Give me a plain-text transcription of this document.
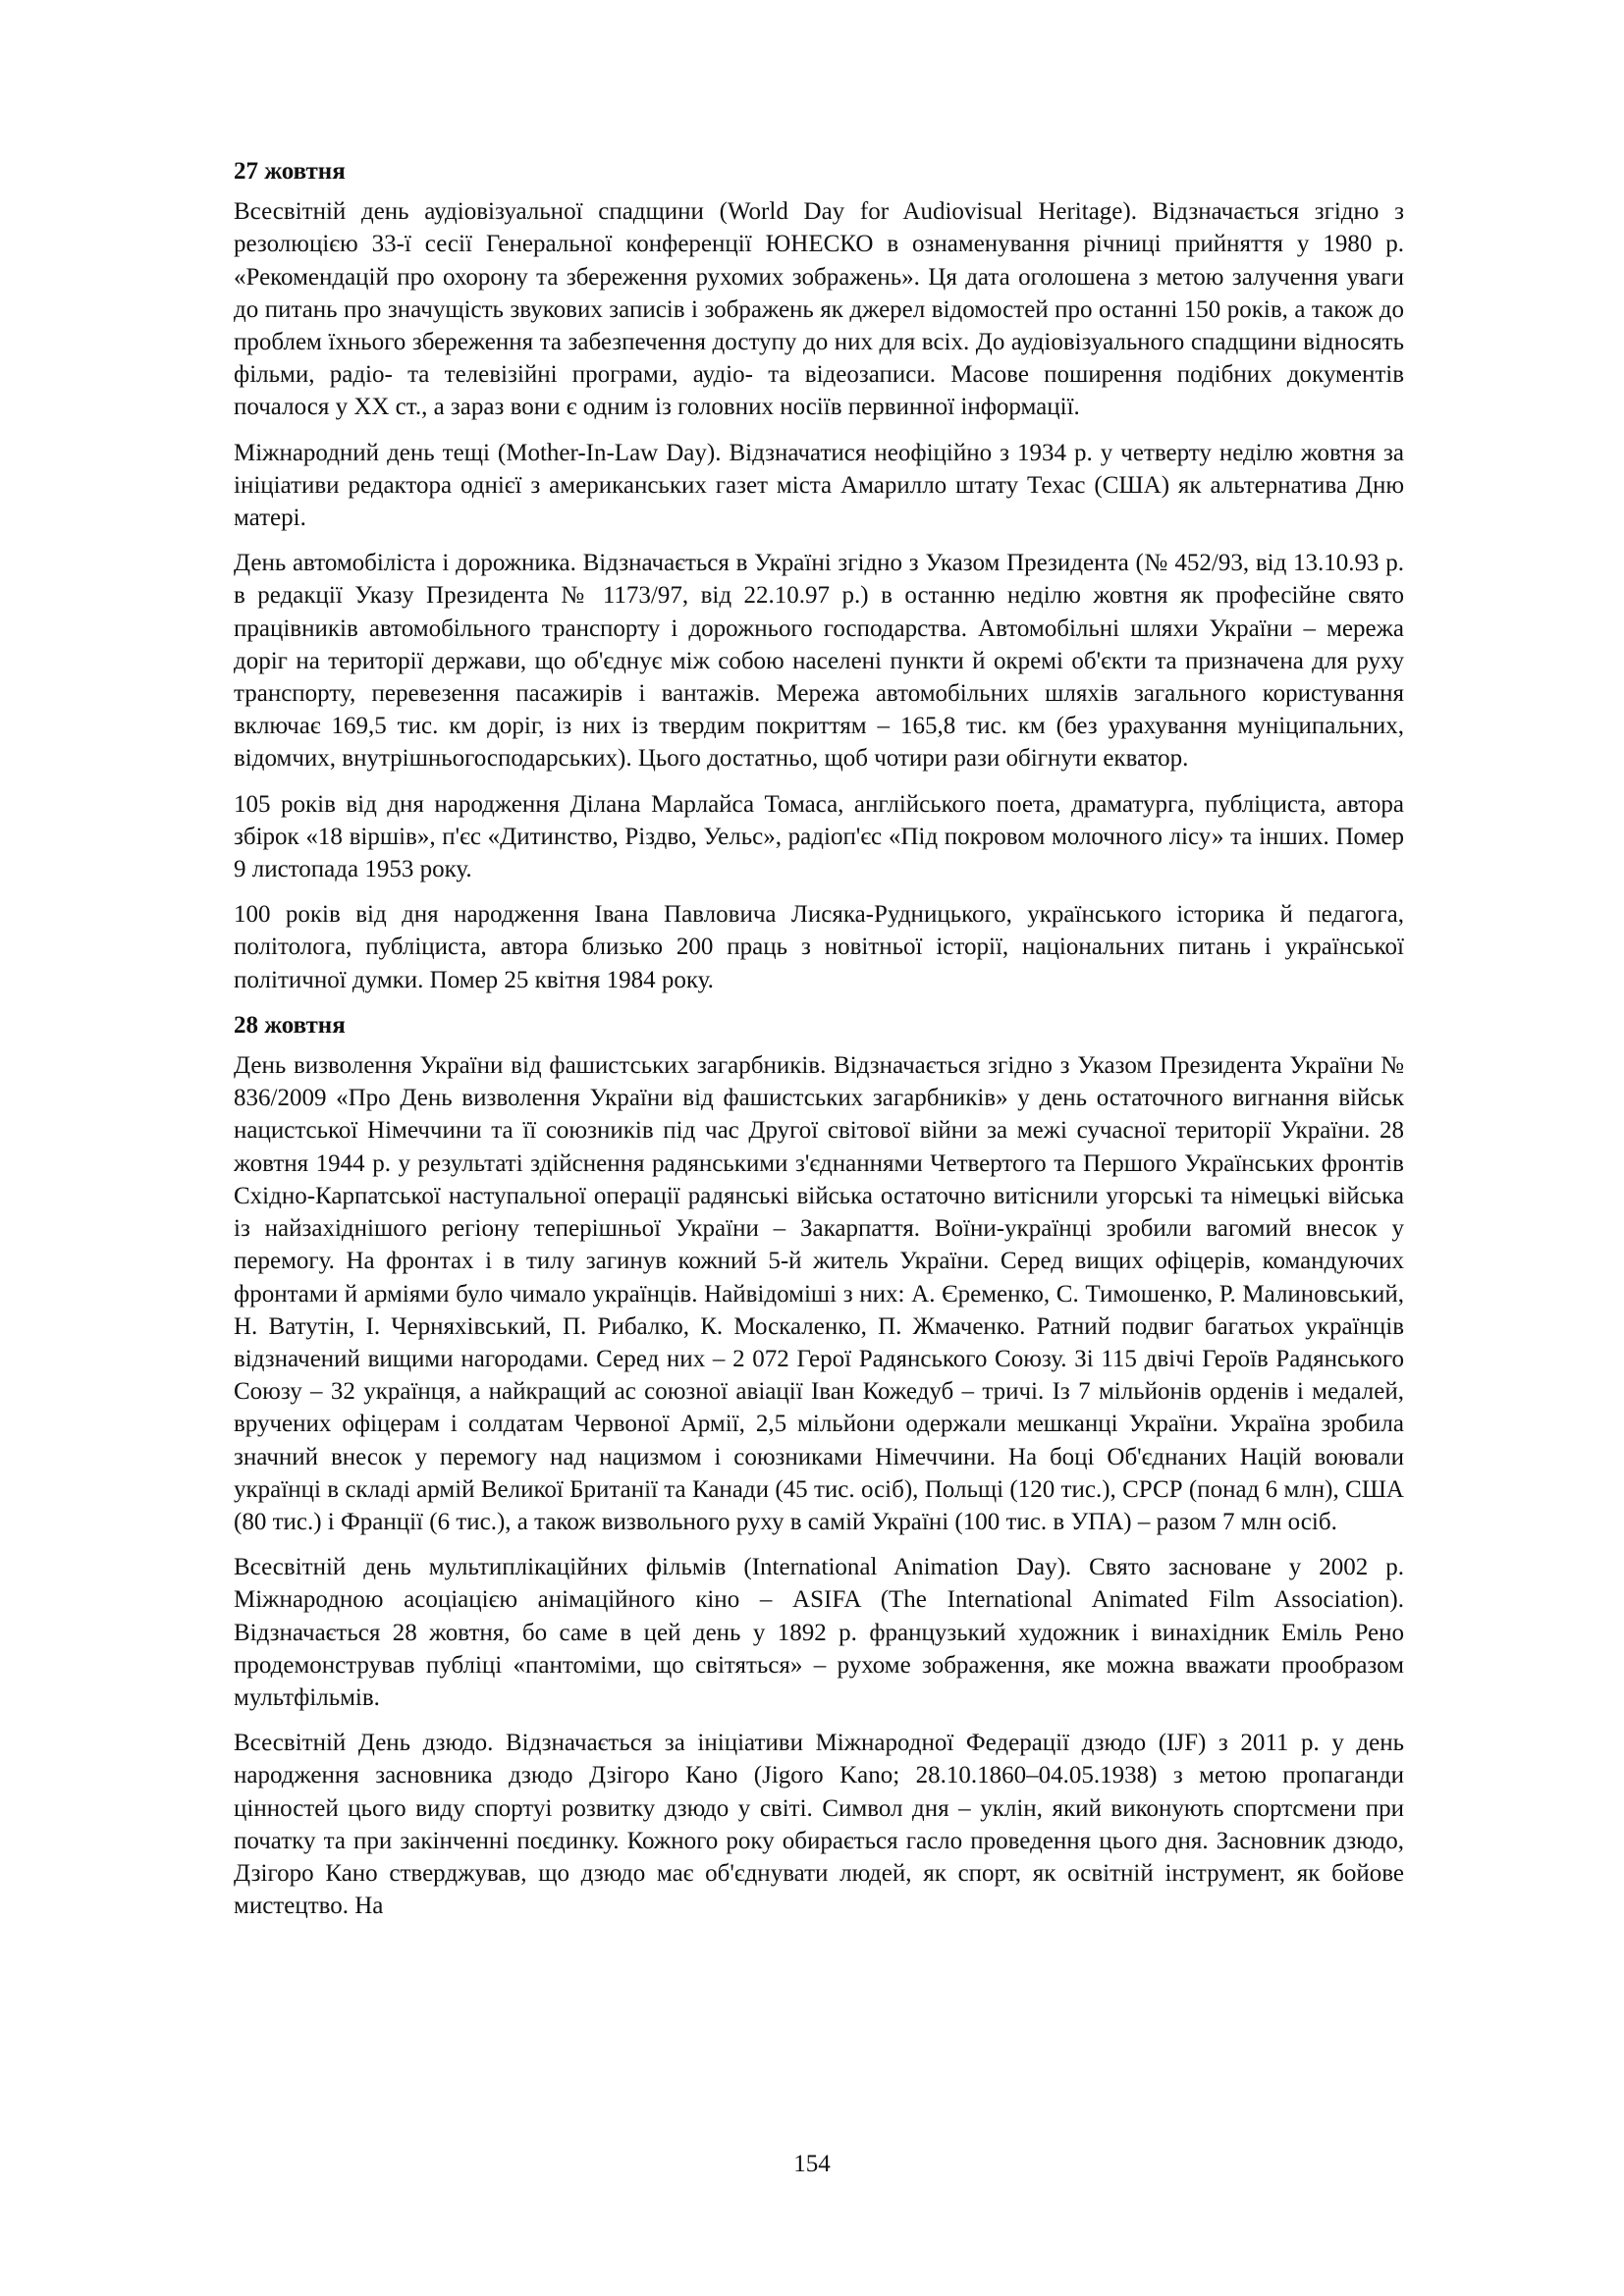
27 жовтня

Всесвітній день аудіовізуальної спадщини (World Day for Audiovisual Heritage). Відзначається згідно з резолюцією 33-ї сесії Генеральної конференції ЮНЕСКО в ознаменування річниці прийняття у 1980 р. «Рекомендацій про охорону та збереження рухомих зображень». Ця дата оголошена з метою залучення уваги до питань про значущість звукових записів і зображень як джерел відомостей про останні 150 років, а також до проблем їхнього збереження та забезпечення доступу до них для всіх. До аудіовізуального спадщини відносять фільми, радіо- та телевізійні програми, аудіо- та відеозаписи. Масове поширення подібних документів почалося у ХХ ст., а зараз вони є одним із головних носіїв первинної інформації.

Міжнародний день тещі (Mother-In-Law Day). Відзначатися неофіційно з 1934 р. у четверту неділю жовтня за ініціативи редактора однієї з американських газет міста Амарилло штату Техас (США) як альтернатива Дню матері.

День автомобіліста і дорожника. Відзначається в Україні згідно з Указом Президента (№ 452/93, від 13.10.93 р. в редакції Указу Президента № 1173/97, від 22.10.97 р.) в останню неділю жовтня як професійне свято працівників автомобільного транспорту і дорожнього господарства. Автомобільні шляхи України – мережа доріг на території держави, що об'єднує між собою населені пункти й окремі об'єкти та призначена для руху транспорту, перевезення пасажирів і вантажів. Мережа автомобільних шляхів загального користування включає 169,5 тис. км доріг, із них із твердим покриттям – 165,8 тис. км (без урахування муніципальних, відомчих, внутрішньогосподарських). Цього достатньо, щоб чотири рази обігнути екватор.

105 років від дня народження Ділана Марлайса Томаса, англійського поета, драматурга, публіциста, автора збірок «18 віршів», п'єс «Дитинство, Різдво, Уельс», радіоп'єс «Під покровом молочного лісу» та інших. Помер 9 листопада 1953 року.

100 років від дня народження Івана Павловича Лисяка-Рудницького, українського історика й педагога, політолога, публіциста, автора близько 200 праць з новітньої історії, національних питань і української політичної думки. Помер 25 квітня 1984 року.

28 жовтня

День визволення України від фашистських загарбників. Відзначається згідно з Указом Президента України № 836/2009 «Про День визволення України від фашистських загарбників» у день остаточного вигнання військ нацистської Німеччини та її союзників під час Другої світової війни за межі сучасної території України. 28 жовтня 1944 р. у результаті здійснення радянськими з'єднаннями Четвертого та Першого Українських фронтів Східно-Карпатської наступальної операції радянські війська остаточно витіснили угорські та німецькі війська із найзахіднішого регіону теперішньої України – Закарпаття. Воїни-українці зробили вагомий внесок у перемогу. На фронтах і в тилу загинув кожний 5-й житель України. Серед вищих офіцерів, командуючих фронтами й арміями було чимало українців. Найвідоміші з них: А. Єременко, С. Тимошенко, Р. Малиновський, Н. Ватутін, І. Черняхівський, П. Рибалко, К. Москаленко, П. Жмаченко. Ратний подвиг багатьох українців відзначений вищими нагородами. Серед них – 2 072 Герої Радянського Союзу. Зі 115 двічі Героїв Радянського Союзу – 32 українця, а найкращий ас союзної авіації Іван Кожедуб – тричі. Із 7 мільйонів орденів і медалей, вручених офіцерам і солдатам Червоної Армії, 2,5 мільйони одержали мешканці України. Україна зробила значний внесок у перемогу над нацизмом і союзниками Німеччини. На боці Об'єднаних Націй воювали українці в складі армій Великої Британії та Канади (45 тис. осіб), Польщі (120 тис.), СРСР (понад 6 млн), США (80 тис.) і Франції (6 тис.), а також визвольного руху в самій Україні (100 тис. в УПА) – разом 7 млн осіб.

Всесвітній день мультиплікаційних фільмів (International Animation Day). Свято засноване у 2002 р. Міжнародною асоціацією анімаційного кіно – ASIFA (The International Animated Film Association). Відзначається 28 жовтня, бо саме в цей день у 1892 р. французький художник і винахідник Еміль Рено продемонстрував публіці «пантоміми, що світяться» – рухоме зображення, яке можна вважати прообразом мультфільмів.

Всесвітній День дзюдо. Відзначається за ініціативи Міжнародної Федерації дзюдо (IJF) з 2011 р. у день народження засновника дзюдо Дзігоро Кано (Jigoro Kano; 28.10.1860–04.05.1938) з метою пропаганди цінностей цього виду спортуі розвитку дзюдо у світі. Символ дня – уклін, який виконують спортсмени при початку та при закінченні поєдинку. Кожного року обирається гасло проведення цього дня. Засновник дзюдо, Дзігоро Кано стверджував, що дзюдо має об'єднувати людей, як спорт, як освітній інструмент, як бойове мистецтво. На

154
